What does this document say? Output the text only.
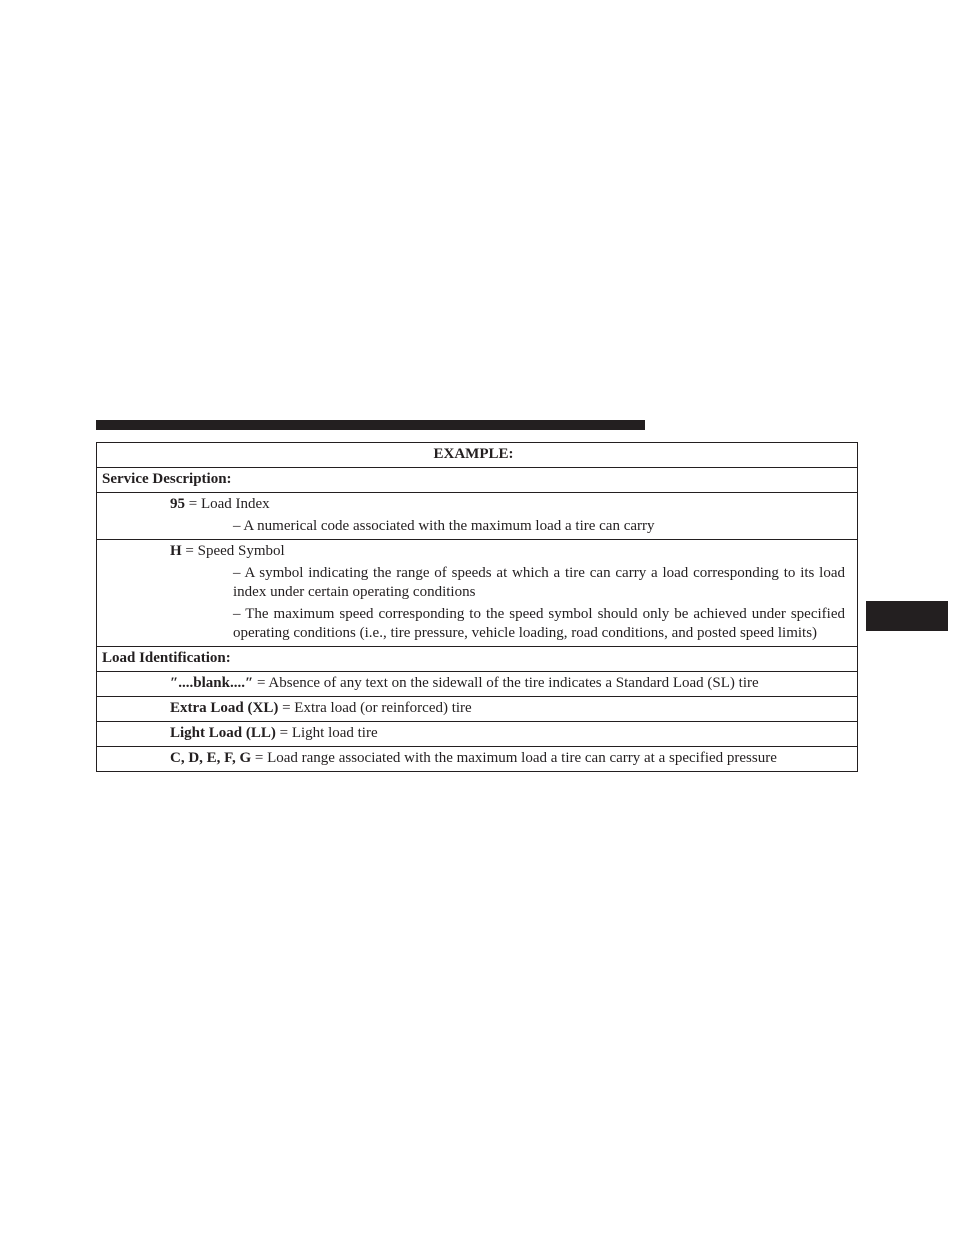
EXAMPLE:
Service Description:

95 = Load Index
– A numerical code associated with the maximum load a tire can carry

H = Speed Symbol
– A symbol indicating the range of speeds at which a tire can carry a load corresponding to its load index under certain operating conditions
– The maximum speed corresponding to the speed symbol should only be achieved under specified operating conditions (i.e., tire pressure, vehicle loading, road conditions, and posted speed limits)

Load Identification:

″....blank....″ = Absence of any text on the sidewall of the tire indicates a Standard Load (SL) tire

Extra Load (XL) = Extra load (or reinforced) tire

Light Load (LL) = Light load tire

C, D, E, F, G = Load range associated with the maximum load a tire can carry at a specified pressure
